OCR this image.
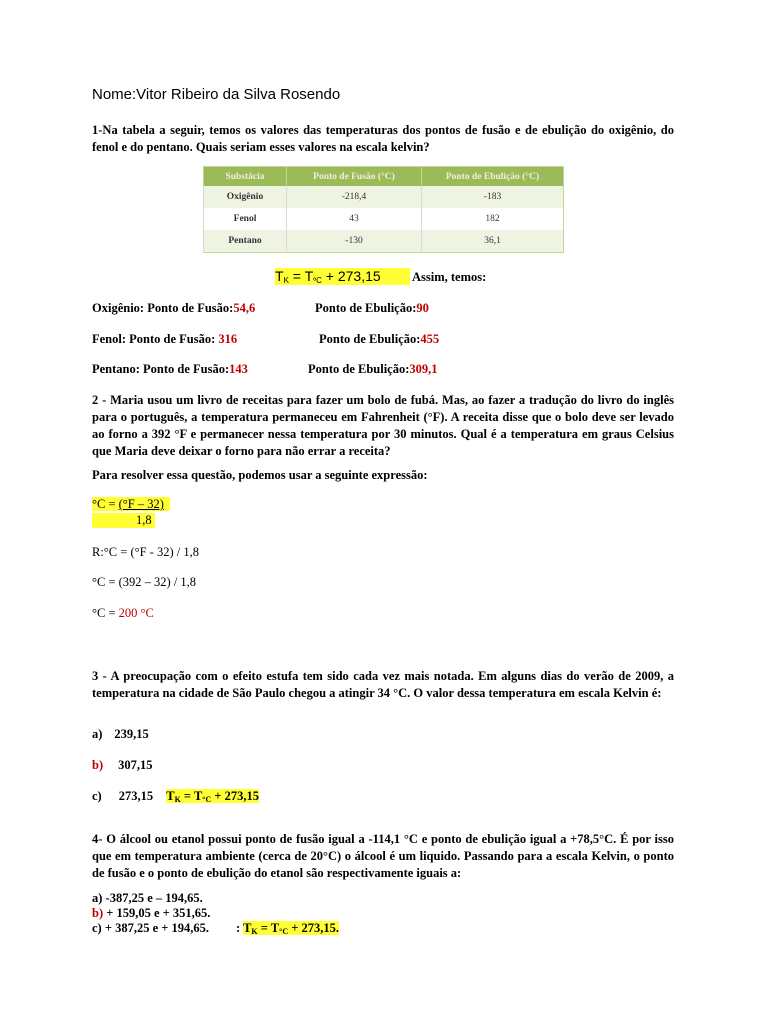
Nome:Vitor Ribeiro da Silva Rosendo
1-Na tabela a seguir, temos os valores das temperaturas dos pontos de fusão e de ebulição do oxigênio, do fenol e do pentano. Quais seriam esses valores na escala kelvin?
Substâcia	Ponto de Fusão (°C)	Ponto de Ebulição (°C)
Oxigênio	-218,4	-183
Fenol	43	182
Pentano	-130	36,1
$T_K = T_{ºC} + 273,15$	Assim, temos:
Oxigênio: Ponto de Fusão:54,6	Ponto de Ebulição:90
Fenol: Ponto de Fusão: 316	Ponto de Ebulição:455
Pentano: Ponto de Fusão:143	Ponto de Ebulição:309,1
2 - Maria usou um livro de receitas para fazer um bolo de fubá. Mas, ao fazer a tradução do livro do inglês para o português, a temperatura permaneceu em Fahrenheit (°F). A receita disse que o bolo deve ser levado ao forno a 392 °F e permanecer nessa temperatura por 30 minutos. Qual é a temperatura em graus Celsius que Maria deve deixar o forno para não errar a receita?
Para resolver essa questão, podemos usar a seguinte expressão:
°C = (°F – 32)
1,8
R:°C = (°F - 32) / 1,8
°C = (392 – 32) / 1,8
°C = 200 °C
3 - A preocupação com o efeito estufa tem sido cada vez mais notada. Em alguns dias do verão de 2009, a temperatura na cidade de São Paulo chegou a atingir 34 °C. O valor dessa temperatura em escala Kelvin é:
a) 239,15
b) 307,15
c) 273,15 $T_K = T_{^\circ C} + 273,15$
4- O álcool ou etanol possui ponto de fusão igual a -114,1 °C e ponto de ebulição igual a +78,5°C. É por isso que em temperatura ambiente (cerca de 20°C) o álcool é um liquido. Passando para a escala Kelvin, o ponto de fusão e o ponto de ebulição do etanol são respectivamente iguais a:
a) -387,25 e – 194,65.
b) + 159,05 e + 351,65.
c) + 387,25 e + 194,65. : $T_K = T_{^\circ C} + 273,15$.
